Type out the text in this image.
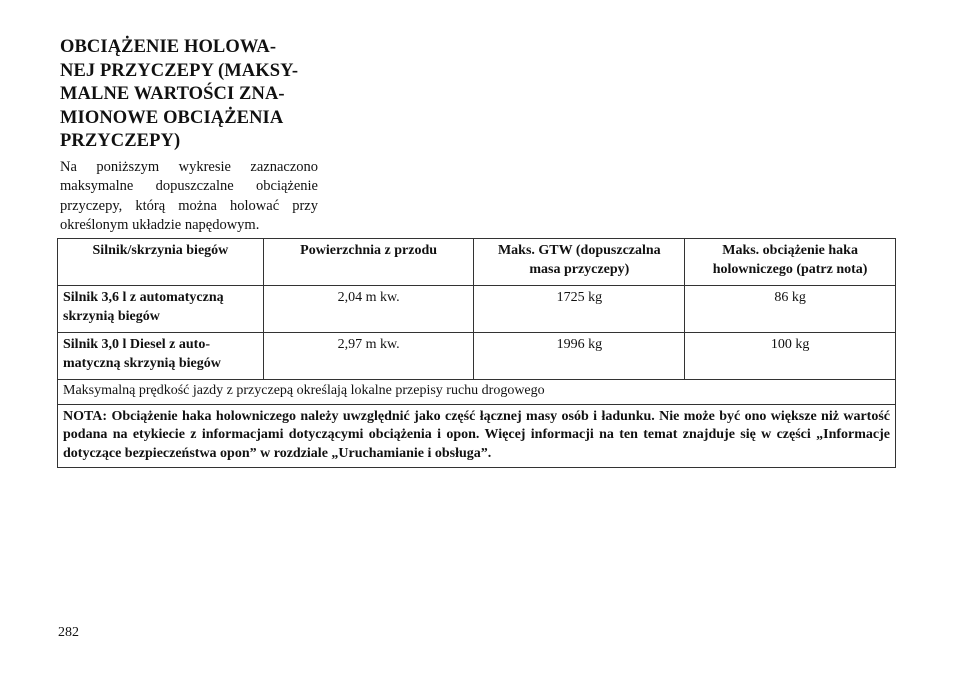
OBCIĄŻENIE HOLOWA-
NEJ PRZYCZEPY (MAKSY-
MALNE WARTOŚCI ZNA-
MIONOWE OBCIĄŻENIA
PRZYCZEPY)

Na poniższym wykresie zaznaczono
maksymalne dopuszczalne obciążenie
przyczepy, którą można holować przy
określonym układzie napędowym.

Silnik/skrzynia biegów	Powierzchnia z przodu	Maks. GTW (dopuszczalna
masa przyczepy)	Maks. obciążenie haka
holowniczego (patrz nota)

Silnik 3,6 l z automatyczną
skrzynią biegów	2,04 m kw.	1725 kg	86 kg

Silnik 3,0 l Diesel z auto-
matyczną skrzynią biegów	2,97 m kw.	1996 kg	100 kg
Maksymalną prędkość jazdy z przyczepą określają lokalne przepisy ruchu drogowego			
NOTA: Obciążenie haka holowniczego należy uwzględnić jako część łącznej masy osób i ładunku. Nie może być ono większe niż wartość podana na etykiecie z informacjami dotyczącymi obciążenia i opon. Więcej informacji na ten temat znajduje się w części „Informacje dotyczące bezpieczeństwa opon” w rozdziale „Uruchamianie i obsługa”.			

282
